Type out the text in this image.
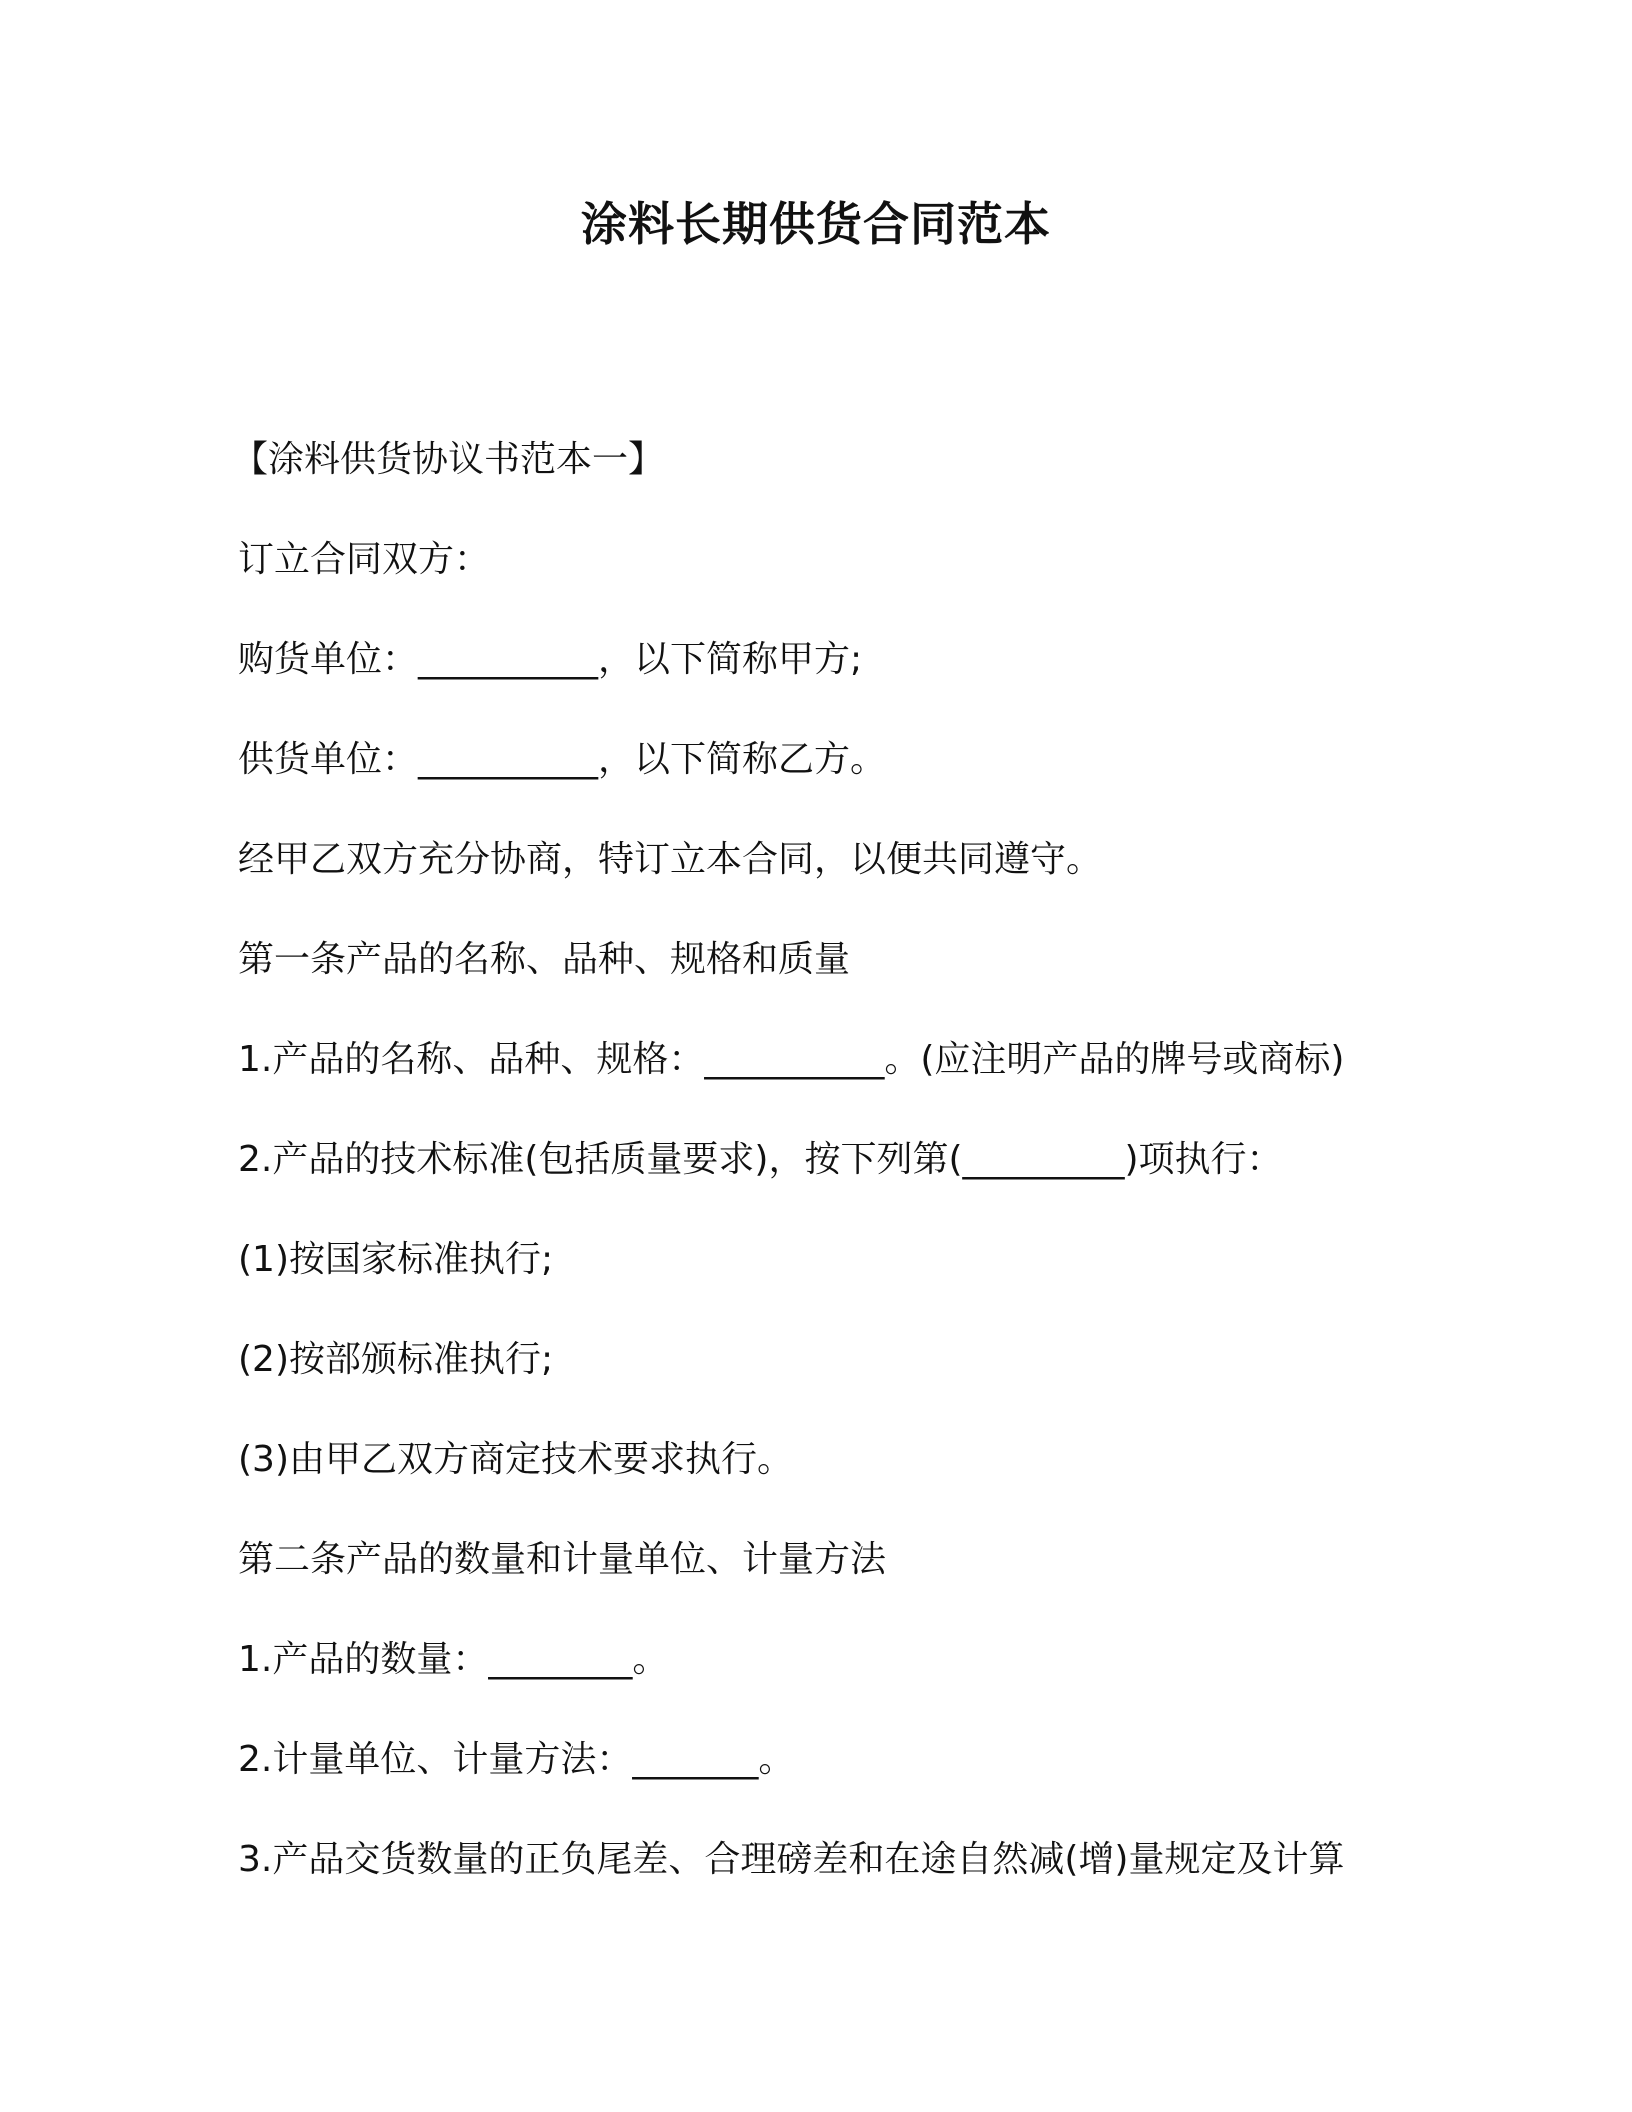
涂料长期供货合同范本
【涂料供货协议书范本一】
订立合同双方：
购货单位：__________，以下简称甲方;
供货单位：__________，以下简称乙方。
经甲乙双方充分协商，特订立本合同，以便共同遵守。
第一条产品的名称、品种、规格和质量
1.产品的名称、品种、规格：__________。(应注明产品的牌号或商标)
2.产品的技术标准(包括质量要求)，按下列第(_________)项执行：
(1)按国家标准执行;
(2)按部颁标准执行;
(3)由甲乙双方商定技术要求执行。
第二条产品的数量和计量单位、计量方法
1.产品的数量：________。
2.计量单位、计量方法：_______。
3.产品交货数量的正负尾差、合理磅差和在途自然减(增)量规定及计算
